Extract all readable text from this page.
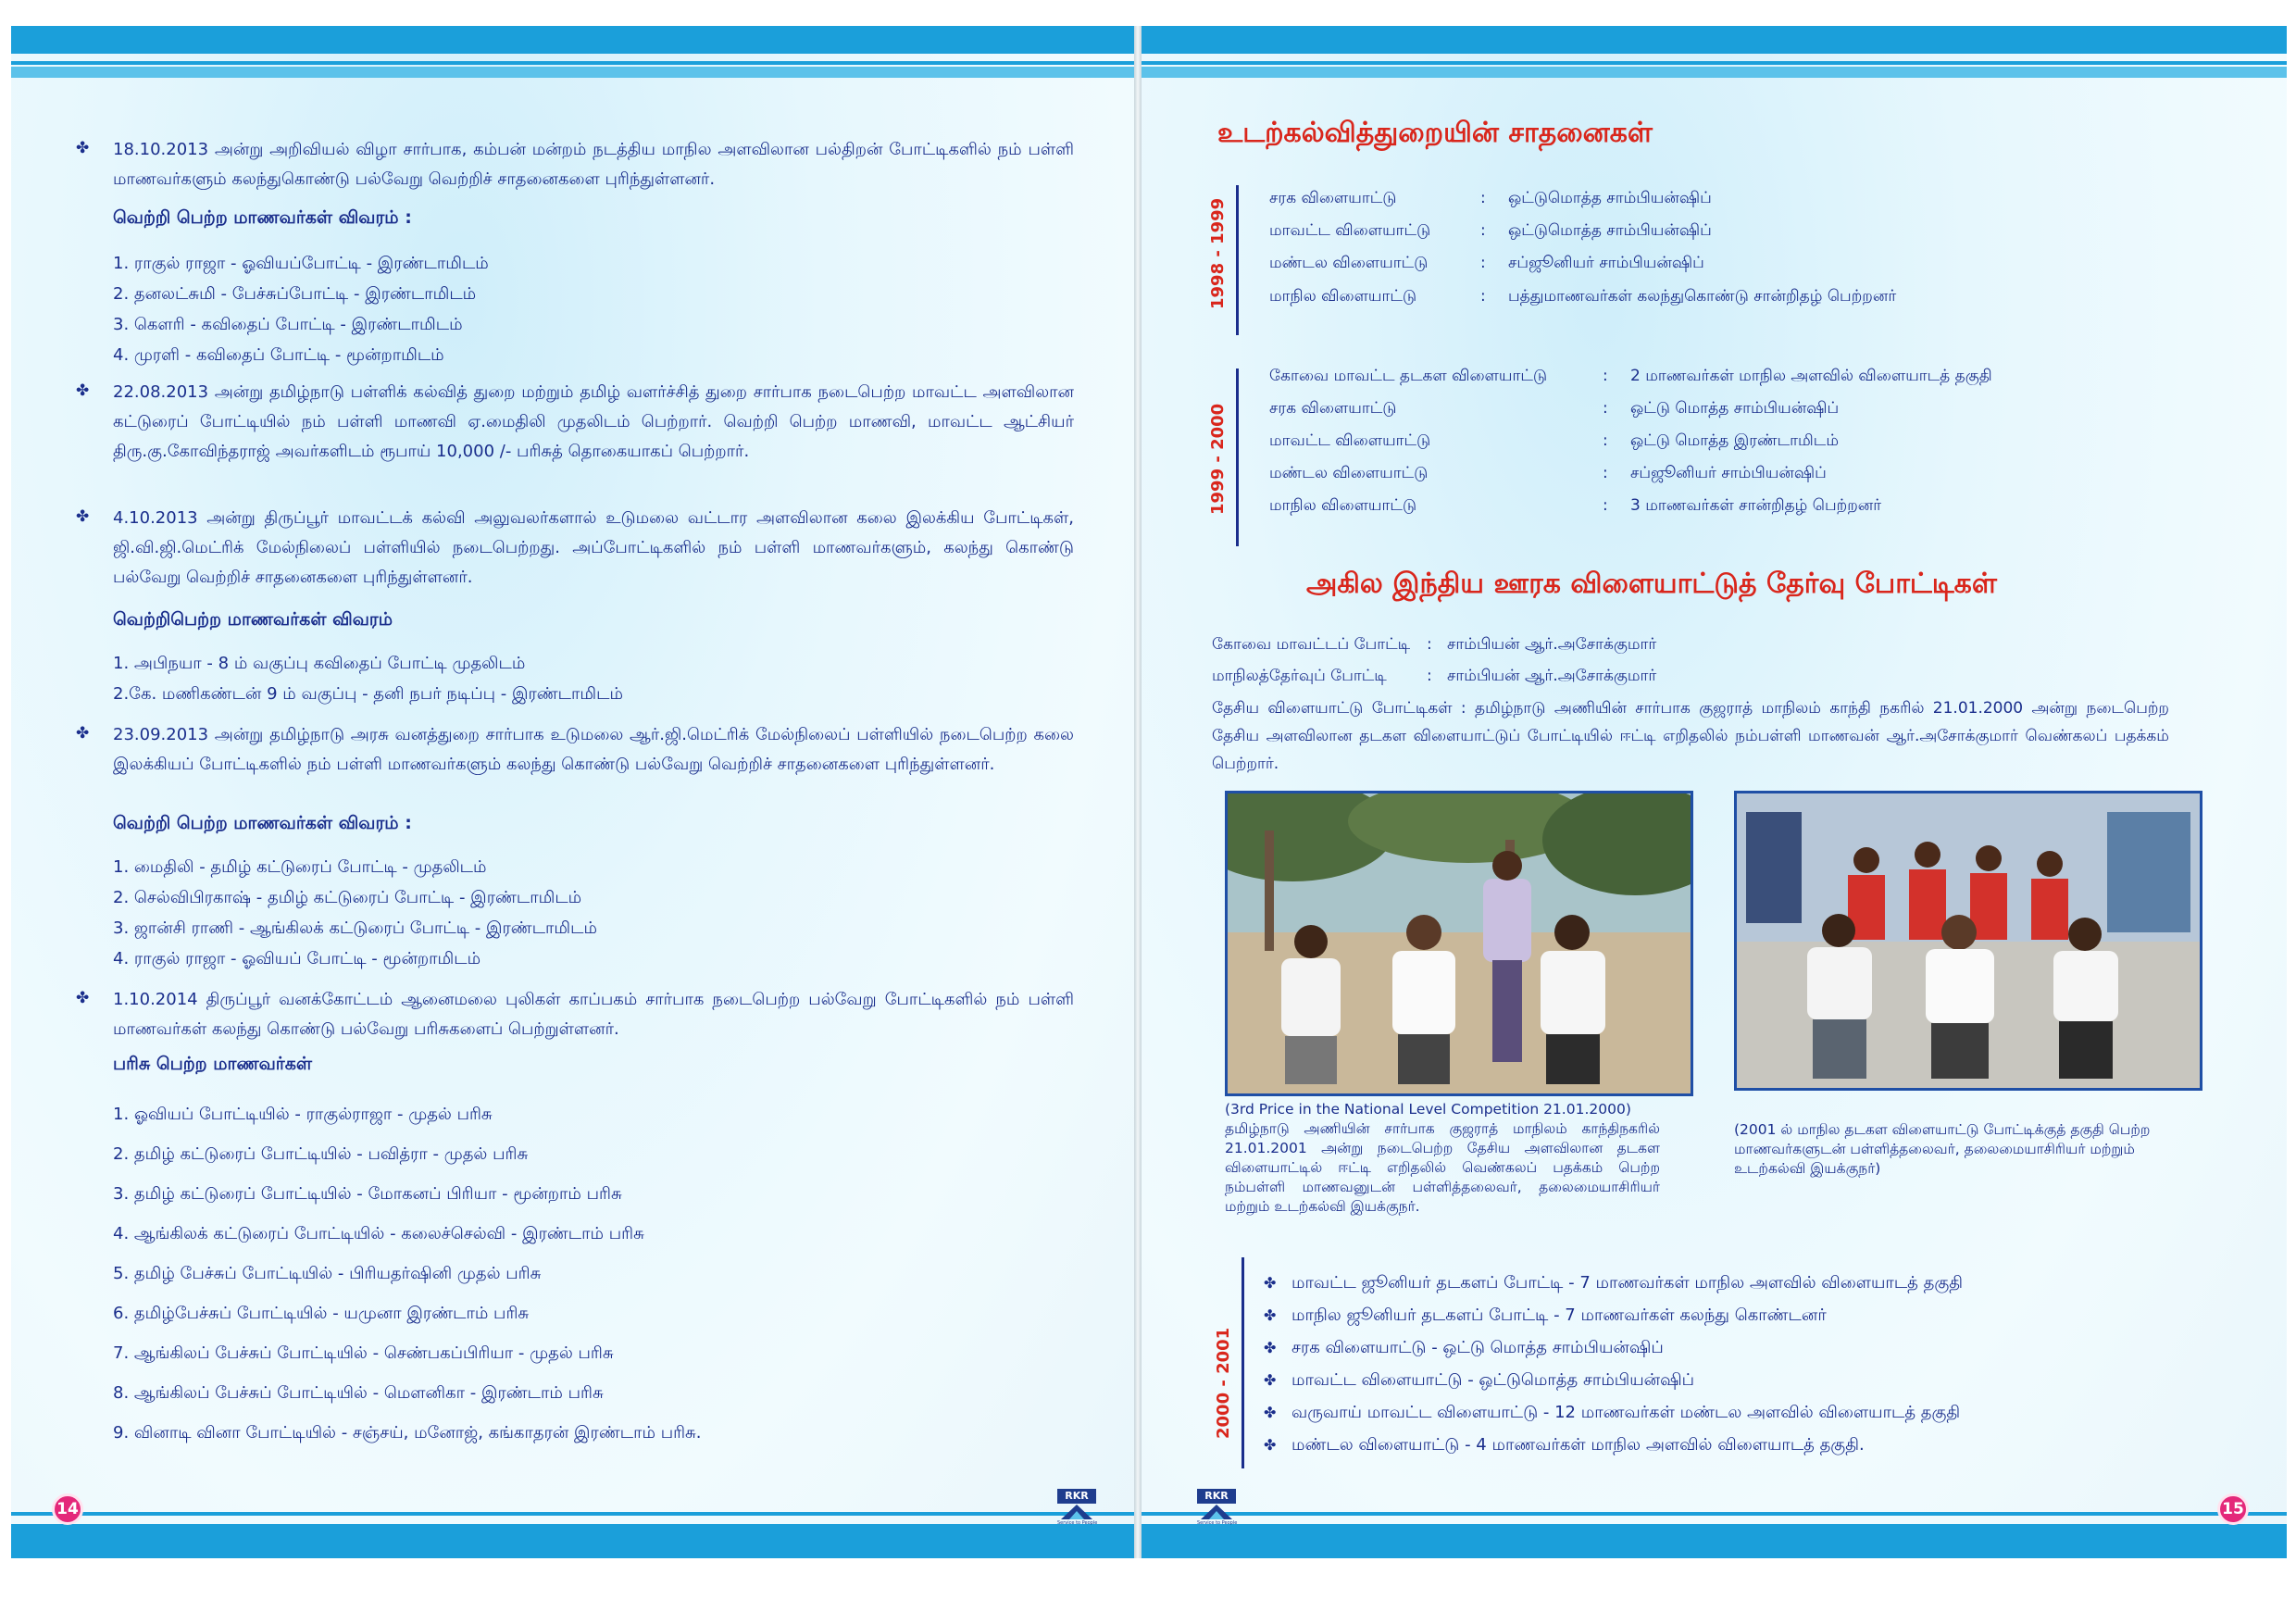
✤ 18.10.2013 அன்று அறிவியல் விழா சார்பாக, கம்பன் மன்றம் நடத்திய மாநில அளவிலான பல்திறன் போட்டிகளில் நம் பள்ளி மாணவர்களும் கலந்துகொண்டு பல்வேறு வெற்றிச் சாதனைகளை புரிந்துள்ளனர்.
வெற்றி பெற்ற மாணவர்கள் விவரம் :
1. ராகுல் ராஜா - ஓவியப்போட்டி - இரண்டாமிடம்
2. தனலட்சுமி - பேச்சுப்போட்டி - இரண்டாமிடம்
3. கௌரி - கவிதைப் போட்டி - இரண்டாமிடம்
4. முரளி - கவிதைப் போட்டி - மூன்றாமிடம்
✤ 22.08.2013 அன்று தமிழ்நாடு பள்ளிக் கல்வித் துறை மற்றும் தமிழ் வளர்ச்சித் துறை சார்பாக நடைபெற்ற மாவட்ட அளவிலான கட்டுரைப் போட்டியில் நம் பள்ளி மாணவி ஏ.மைதிலி முதலிடம் பெற்றார். வெற்றி பெற்ற மாணவி, மாவட்ட ஆட்சியர் திரு.கு.கோவிந்தராஜ் அவர்களிடம் ரூபாய் 10,000 /- பரிசுத் தொகையாகப் பெற்றார்.
✤ 4.10.2013 அன்று திருப்பூர் மாவட்டக் கல்வி அலுவலர்களால் உடுமலை வட்டார அளவிலான கலை இலக்கிய போட்டிகள், ஜி.வி.ஜி.மெட்ரிக் மேல்நிலைப் பள்ளியில் நடைபெற்றது. அப்போட்டிகளில் நம் பள்ளி மாணவர்களும், கலந்து கொண்டு பல்வேறு வெற்றிச் சாதனைகளை புரிந்துள்ளனர்.
வெற்றிபெற்ற மாணவர்கள் விவரம்
1. அபிநயா - 8 ம் வகுப்பு கவிதைப் போட்டி முதலிடம்
2.கே. மணிகண்டன் 9 ம் வகுப்பு - தனி நபர் நடிப்பு - இரண்டாமிடம்
✤ 23.09.2013 அன்று தமிழ்நாடு அரசு வனத்துறை சார்பாக உடுமலை ஆர்.ஜி.மெட்ரிக் மேல்நிலைப் பள்ளியில் நடைபெற்ற கலை இலக்கியப் போட்டிகளில் நம் பள்ளி மாணவர்களும் கலந்து கொண்டு பல்வேறு வெற்றிச் சாதனைகளை புரிந்துள்ளனர்.
வெற்றி பெற்ற மாணவர்கள் விவரம் :
1. மைதிலி - தமிழ் கட்டுரைப் போட்டி - முதலிடம்
2. செல்விபிரகாஷ் - தமிழ் கட்டுரைப் போட்டி - இரண்டாமிடம்
3. ஜான்சி ராணி - ஆங்கிலக் கட்டுரைப் போட்டி - இரண்டாமிடம்
4. ராகுல் ராஜா - ஓவியப் போட்டி - மூன்றாமிடம்
✤ 1.10.2014 திருப்பூர் வனக்கோட்டம் ஆனைமலை புலிகள் காப்பகம் சார்பாக நடைபெற்ற பல்வேறு போட்டிகளில் நம் பள்ளி மாணவர்கள் கலந்து கொண்டு பல்வேறு பரிசுகளைப் பெற்றுள்ளனர்.
பரிசு பெற்ற மாணவர்கள்
1. ஓவியப் போட்டியில் - ராகுல்ராஜா - முதல் பரிசு
2. தமிழ் கட்டுரைப் போட்டியில் - பவித்ரா - முதல் பரிசு
3. தமிழ் கட்டுரைப் போட்டியில் - மோகனப் பிரியா - மூன்றாம் பரிசு
4. ஆங்கிலக் கட்டுரைப் போட்டியில் - கலைச்செல்வி - இரண்டாம் பரிசு
5. தமிழ் பேச்சுப் போட்டியில் - பிரியதர்ஷினி முதல் பரிசு
6. தமிழ்பேச்சுப் போட்டியில் - யமுனா இரண்டாம் பரிசு
7. ஆங்கிலப் பேச்சுப் போட்டியில் - செண்பகப்பிரியா - முதல் பரிசு
8. ஆங்கிலப் பேச்சுப் போட்டியில் - மௌனிகா - இரண்டாம் பரிசு
9. வினாடி வினா போட்டியில் - சஞ்சய், மனோஜ், கங்காதரன் இரண்டாம் பரிசு.
14
RKR
Service to People
உடற்கல்வித்துறையின் சாதனைகள்
1998 - 1999	சரக விளையாட்டு	: ஒட்டுமொத்த சாம்பியன்ஷிப்
மாவட்ட விளையாட்டு	: ஒட்டுமொத்த சாம்பியன்ஷிப்
மண்டல விளையாட்டு	: சப்ஜூனியர் சாம்பியன்ஷிப்
மாநில விளையாட்டு	: பத்துமாணவர்கள் கலந்துகொண்டு சான்றிதழ் பெற்றனர்
1999 - 2000
கோவை மாவட்ட தடகள விளையாட்டு	: 2 மாணவர்கள் மாநில அளவில் விளையாடத் தகுதி
சரக விளையாட்டு	: ஒட்டு மொத்த சாம்பியன்ஷிப்
மாவட்ட விளையாட்டு	: ஒட்டு மொத்த இரண்டாமிடம்
மண்டல விளையாட்டு	: சப்ஜூனியர் சாம்பியன்ஷிப்
மாநில விளையாட்டு	: 3 மாணவர்கள் சான்றிதழ் பெற்றனர்
அகில இந்திய ஊரக விளையாட்டுத் தேர்வு போட்டிகள்
கோவை மாவட்டப் போட்டி : சாம்பியன் ஆர்.அசோக்குமார்
மாநிலத்தேர்வுப் போட்டி	: சாம்பியன் ஆர்.அசோக்குமார்
தேசிய விளையாட்டு போட்டிகள் : தமிழ்நாடு அணியின் சார்பாக குஜராத் மாநிலம் காந்தி நகரில் 21.01.2000 அன்று நடைபெற்ற தேசிய அளவிலான தடகள விளையாட்டுப் போட்டியில் ஈட்டி எறிதலில் நம்பள்ளி மாணவன் ஆர்.அசோக்குமார் வெண்கலப் பதக்கம் பெற்றார்.
(3rd Price in the National Level Competition 21.01.2000)
தமிழ்நாடு அணியின் சார்பாக குஜராத் மாநிலம் காந்திநகரில் 21.01.2001 அன்று நடைபெற்ற தேசிய அளவிலான தடகள விளையாட்டில் ஈட்டி எறிதலில் வெண்கலப் பதக்கம் பெற்ற நம்பள்ளி மாணவனுடன் பள்ளித்தலைவர், தலைமையாசிரியர் மற்றும் உடற்கல்வி இயக்குநர்.
(2001 ல் மாநில தடகள விளையாட்டு போட்டிக்குத் தகுதி பெற்ற மாணவர்களுடன் பள்ளித்தலைவர், தலைமையாசிரியர் மற்றும் உடற்கல்வி இயக்குநர்)
2000 - 2001
✤ மாவட்ட ஜூனியர் தடகளப் போட்டி - 7 மாணவர்கள் மாநில அளவில் விளையாடத் தகுதி
✤ மாநில ஜூனியர் தடகளப் போட்டி - 7 மாணவர்கள் கலந்து கொண்டனர்
✤ சரக விளையாட்டு - ஒட்டு மொத்த சாம்பியன்ஷிப்
✤ மாவட்ட விளையாட்டு - ஒட்டுமொத்த சாம்பியன்ஷிப்
✤ வருவாய் மாவட்ட விளையாட்டு - 12 மாணவர்கள் மண்டல அளவில் விளையாடத் தகுதி
✤ மண்டல விளையாட்டு - 4 மாணவர்கள் மாநில அளவில் விளையாடத் தகுதி.
RKR
Service to People
15
